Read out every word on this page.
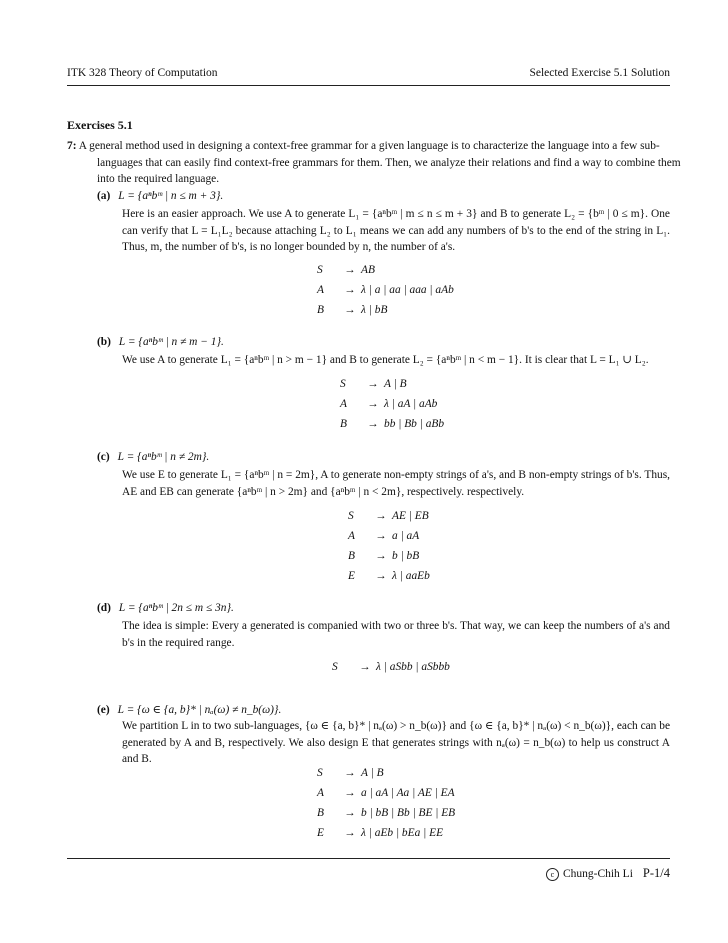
ITK 328 Theory of Computation	Selected Exercise 5.1 Solution
Exercises 5.1
7: A general method used in designing a context-free grammar for a given language is to characterize the language into a few sub-languages that can easily find context-free grammars for them. Then, we analyze their relations and find a way to combine them into the required language.
(a) L = {aⁿbᵐ | n ≤ m + 3}.
Here is an easier approach. We use A to generate L₁ = {aⁿbᵐ | m ≤ n ≤ m + 3} and B to generate L₂ = {bᵐ | 0 ≤ m}. One can verify that L = L₁L₂ because attaching L₂ to L₁ means we can add any numbers of b's to the end of the string in L₁. Thus, m, the number of b's, is no longer bounded by n, the number of a's.
S → AB
A → λ | a | aa | aaa | aAb
B → λ | bB
(b) L = {aⁿbᵐ | n ≠ m − 1}.
We use A to generate L₁ = {aⁿbᵐ | n > m − 1} and B to generate L₂ = {aⁿbᵐ | n < m − 1}. It is clear that L = L₁ ∪ L₂.
S → A | B
A → λ | aA | aAb
B → bb | Bb | aBb
(c) L = {aⁿbᵐ | n ≠ 2m}.
We use E to generate L₁ = {aⁿbᵐ | n = 2m}, A to generate non-empty strings of a's, and B non-empty strings of b's. Thus, AE and EB can generate {aⁿbᵐ | n > 2m} and {aⁿbᵐ | n < 2m}, respectively. respectively.
S → AE | EB
A → a | aA
B → b | bB
E → λ | aaEb
(d) L = {aⁿbᵐ | 2n ≤ m ≤ 3n}.
The idea is simple: Every a generated is companied with two or three b's. That way, we can keep the numbers of a's and b's in the required range.
S → λ | aSbb | aSbbb
(e) L = {ω ∈ {a, b}* | nₐ(ω) ≠ n_b(ω)}.
We partition L in to two sub-languages, {ω ∈ {a, b}* | nₐ(ω) > n_b(ω)} and {ω ∈ {a, b}* | nₐ(ω) < n_b(ω)}, each can be generated by A and B, respectively. We also design E that generates strings with nₐ(ω) = n_b(ω) to help us construct A and B.
S → A | B
A → a | aA | Aa | AE | EA
B → b | bB | Bb | BE | EB
E → λ | aEb | bEa | EE
c Chung-Chih Li P-1/4
